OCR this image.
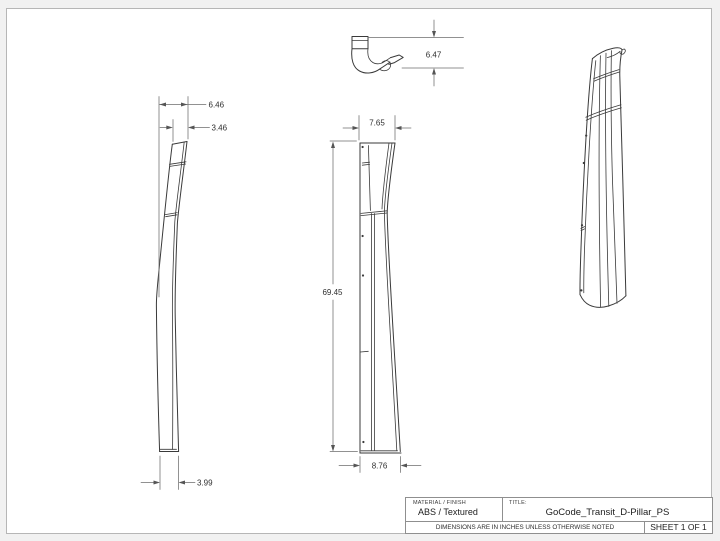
6.47
6.46
3.46
3.99
7.65
69.45
8.76
MATERIAL / FINISH
ABS / Textured
TITLE:
GoCode_Transit_D-Pillar_PS
DIMENSIONS ARE IN INCHES UNLESS OTHERWISE NOTED	SHEET 1 OF 1
